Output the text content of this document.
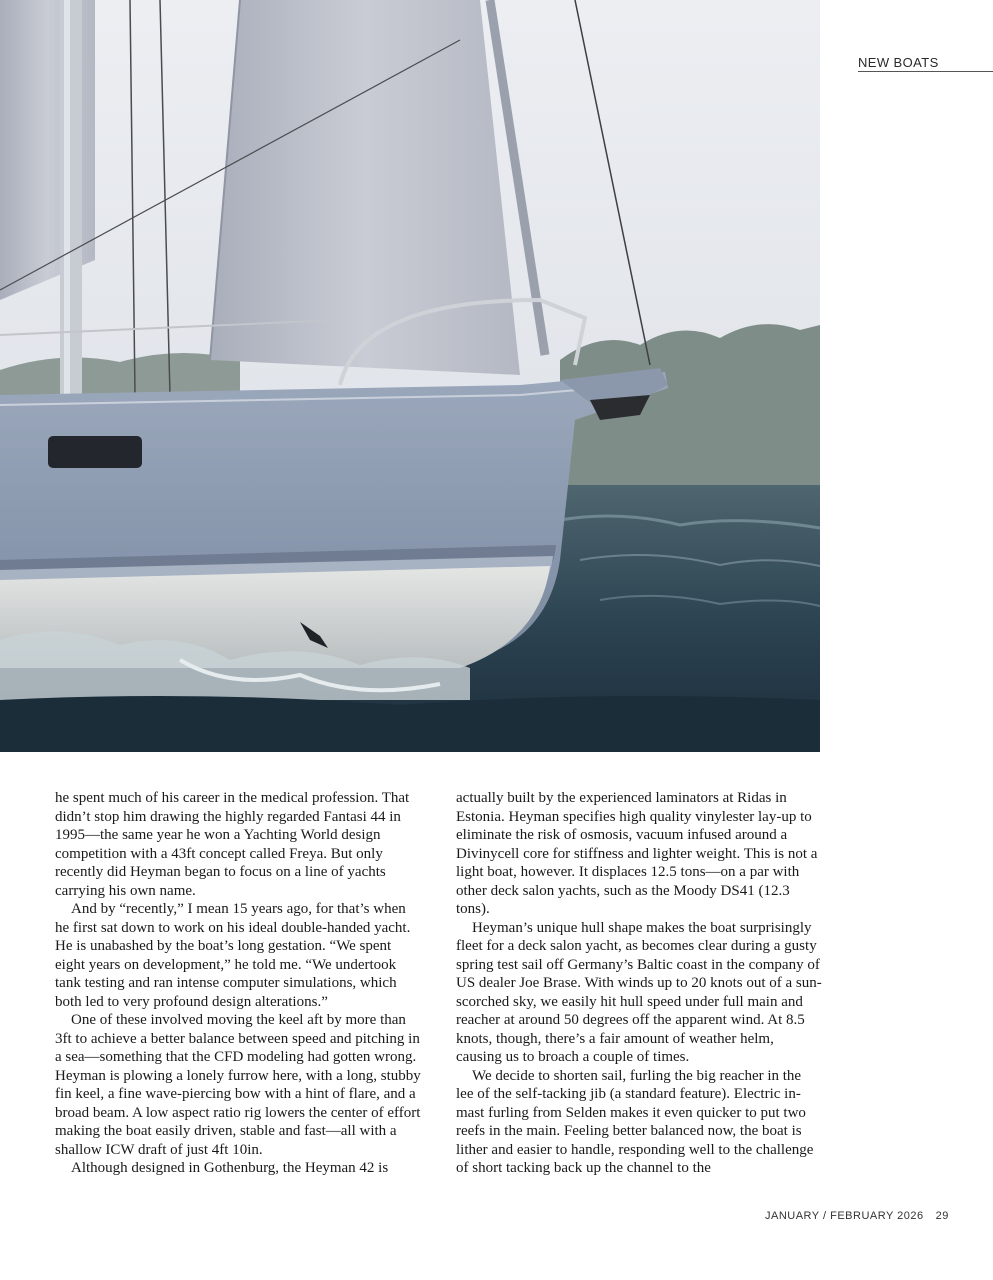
NEW BOATS

he spent much of his career in the medical profession. That didn’t stop him drawing the highly regarded Fantasi 44 in 1995—the same year he won a Yachting World design competition with a 43ft concept called Freya. But only recently did Heyman began to focus on a line of yachts carrying his own name.

And by “recently,” I mean 15 years ago, for that’s when he first sat down to work on his ideal double-handed yacht. He is unabashed by the boat’s long gestation. “We spent eight years on development,” he told me. “We undertook tank testing and ran intense computer simulations, which both led to very profound design alterations.”

One of these involved moving the keel aft by more than 3ft to achieve a better balance between speed and pitching in a sea—something that the CFD modeling had gotten wrong. Heyman is plowing a lonely furrow here, with a long, stubby fin keel, a fine wave-piercing bow with a hint of flare, and a broad beam. A low aspect ratio rig lowers the center of effort making the boat easily driven, stable and fast—all with a shallow ICW draft of just 4ft 10in.

Although designed in Gothenburg, the Heyman 42 is

actually built by the experienced laminators at Ridas in Estonia. Heyman specifies high quality vinylester lay-up to eliminate the risk of osmosis, vacuum infused around a Divinycell core for stiffness and lighter weight. This is not a light boat, however. It displaces 12.5 tons—on a par with other deck salon yachts, such as the Moody DS41 (12.3 tons).

Heyman’s unique hull shape makes the boat surprisingly fleet for a deck salon yacht, as becomes clear during a gusty spring test sail off Germany’s Baltic coast in the company of US dealer Joe Brase. With winds up to 20 knots out of a sun-scorched sky, we easily hit hull speed under full main and reacher at around 50 degrees off the apparent wind. At 8.5 knots, though, there’s a fair amount of weather helm, causing us to broach a couple of times.

We decide to shorten sail, furling the big reacher in the lee of the self-tacking jib (a standard feature). Electric in-mast furling from Selden makes it even quicker to put two reefs in the main. Feeling better balanced now, the boat is lither and easier to handle, responding well to the challenge of short tacking back up the channel to the

JANUARY / FEBRUARY 2026 29
